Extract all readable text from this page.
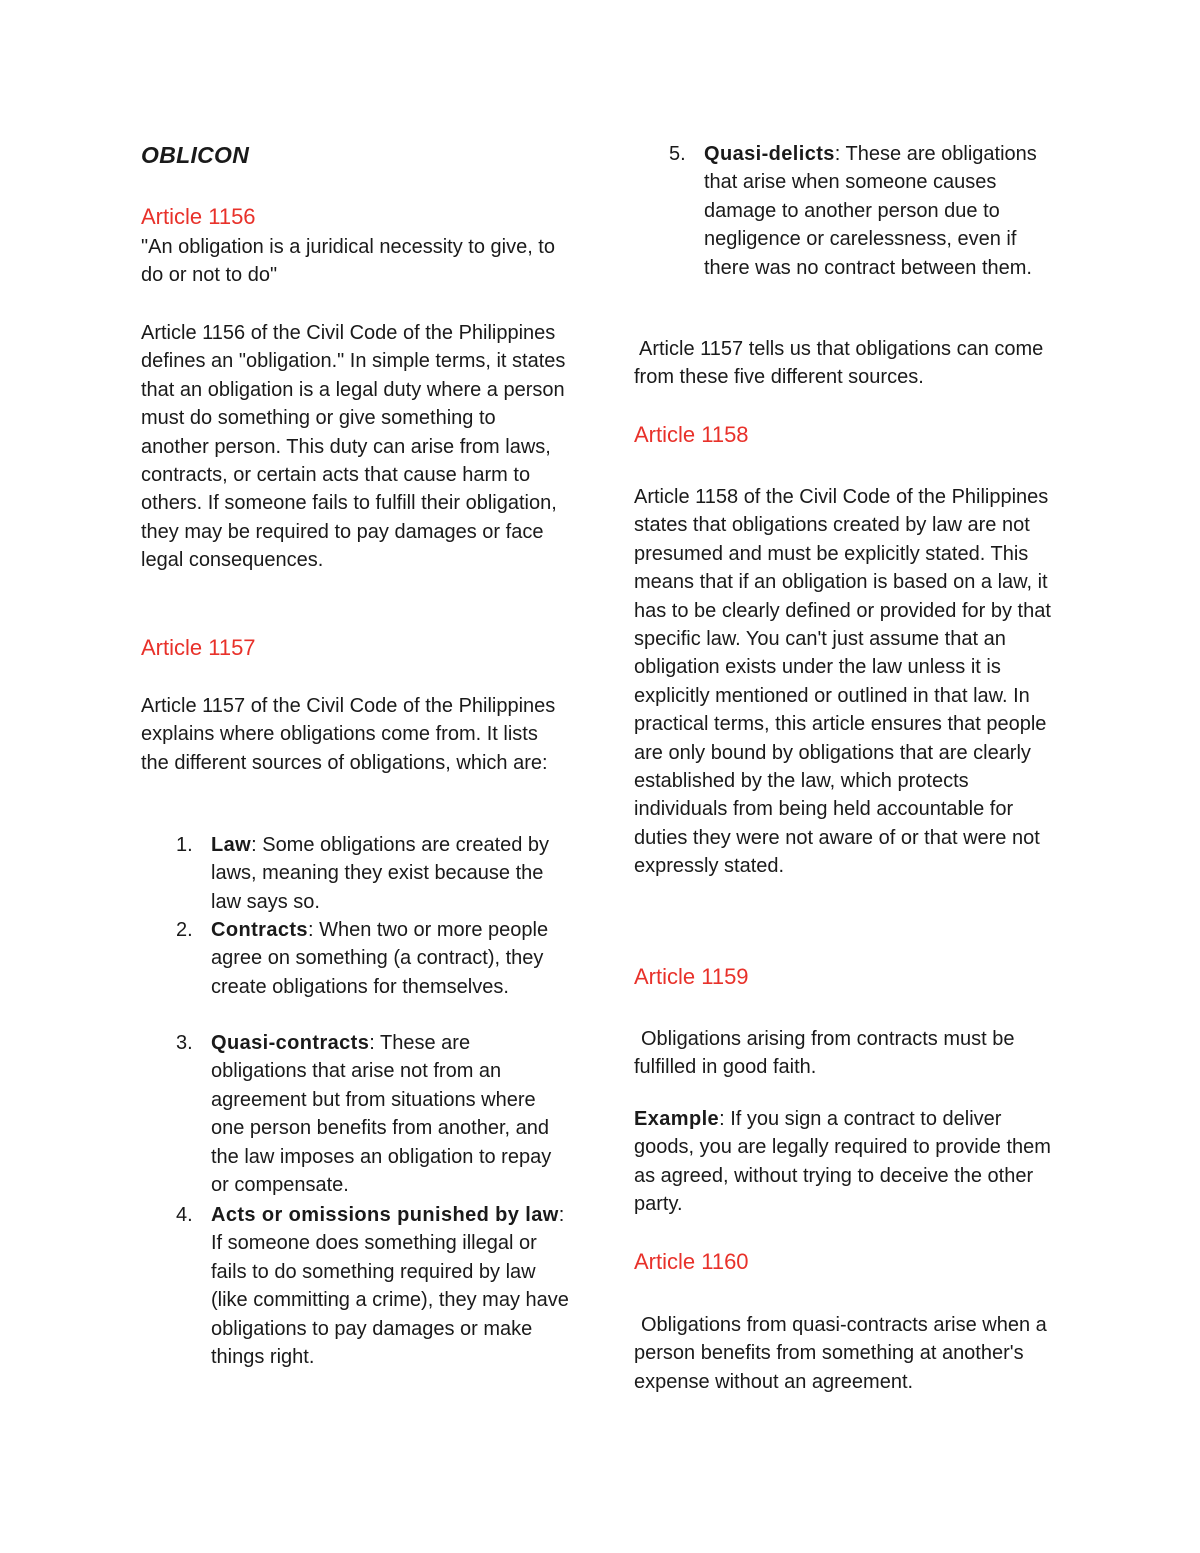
OBLICON
Article 1156

"An obligation is a juridical necessity to give, to do or not to do"

Article 1156 of the Civil Code of the Philippines defines an "obligation." In simple terms, it states that an obligation is a legal duty where a person must do something or give something to another person. This duty can arise from laws, contracts, or certain acts that cause harm to others. If someone fails to fulfill their obligation, they may be required to pay damages or face legal consequences.

Article 1157

Article 1157 of the Civil Code of the Philippines explains where obligations come from. It lists the different sources of obligations, which are:

1. Law: Some obligations are created by laws, meaning they exist because the law says so.
2. Contracts: When two or more people agree on something (a contract), they create obligations for themselves.
3. Quasi-contracts: These are obligations that arise not from an agreement but from situations where one person benefits from another, and the law imposes an obligation to repay or compensate.
4. Acts or omissions punished by law: If someone does something illegal or fails to do something required by law (like committing a crime), they may have obligations to pay damages or make things right.
5. Quasi-delicts: These are obligations that arise when someone causes damage to another person due to negligence or carelessness, even if there was no contract between them.

Article 1157 tells us that obligations can come from these five different sources.

Article 1158

Article 1158 of the Civil Code of the Philippines states that obligations created by law are not presumed and must be explicitly stated. This means that if an obligation is based on a law, it has to be clearly defined or provided for by that specific law. You can't just assume that an obligation exists under the law unless it is explicitly mentioned or outlined in that law. In practical terms, this article ensures that people are only bound by obligations that are clearly established by the law, which protects individuals from being held accountable for duties they were not aware of or that were not expressly stated.

Article 1159

Obligations arising from contracts must be fulfilled in good faith.

Example: If you sign a contract to deliver goods, you are legally required to provide them as agreed, without trying to deceive the other party.

Article 1160

Obligations from quasi-contracts arise when a person benefits from something at another's expense without an agreement.
